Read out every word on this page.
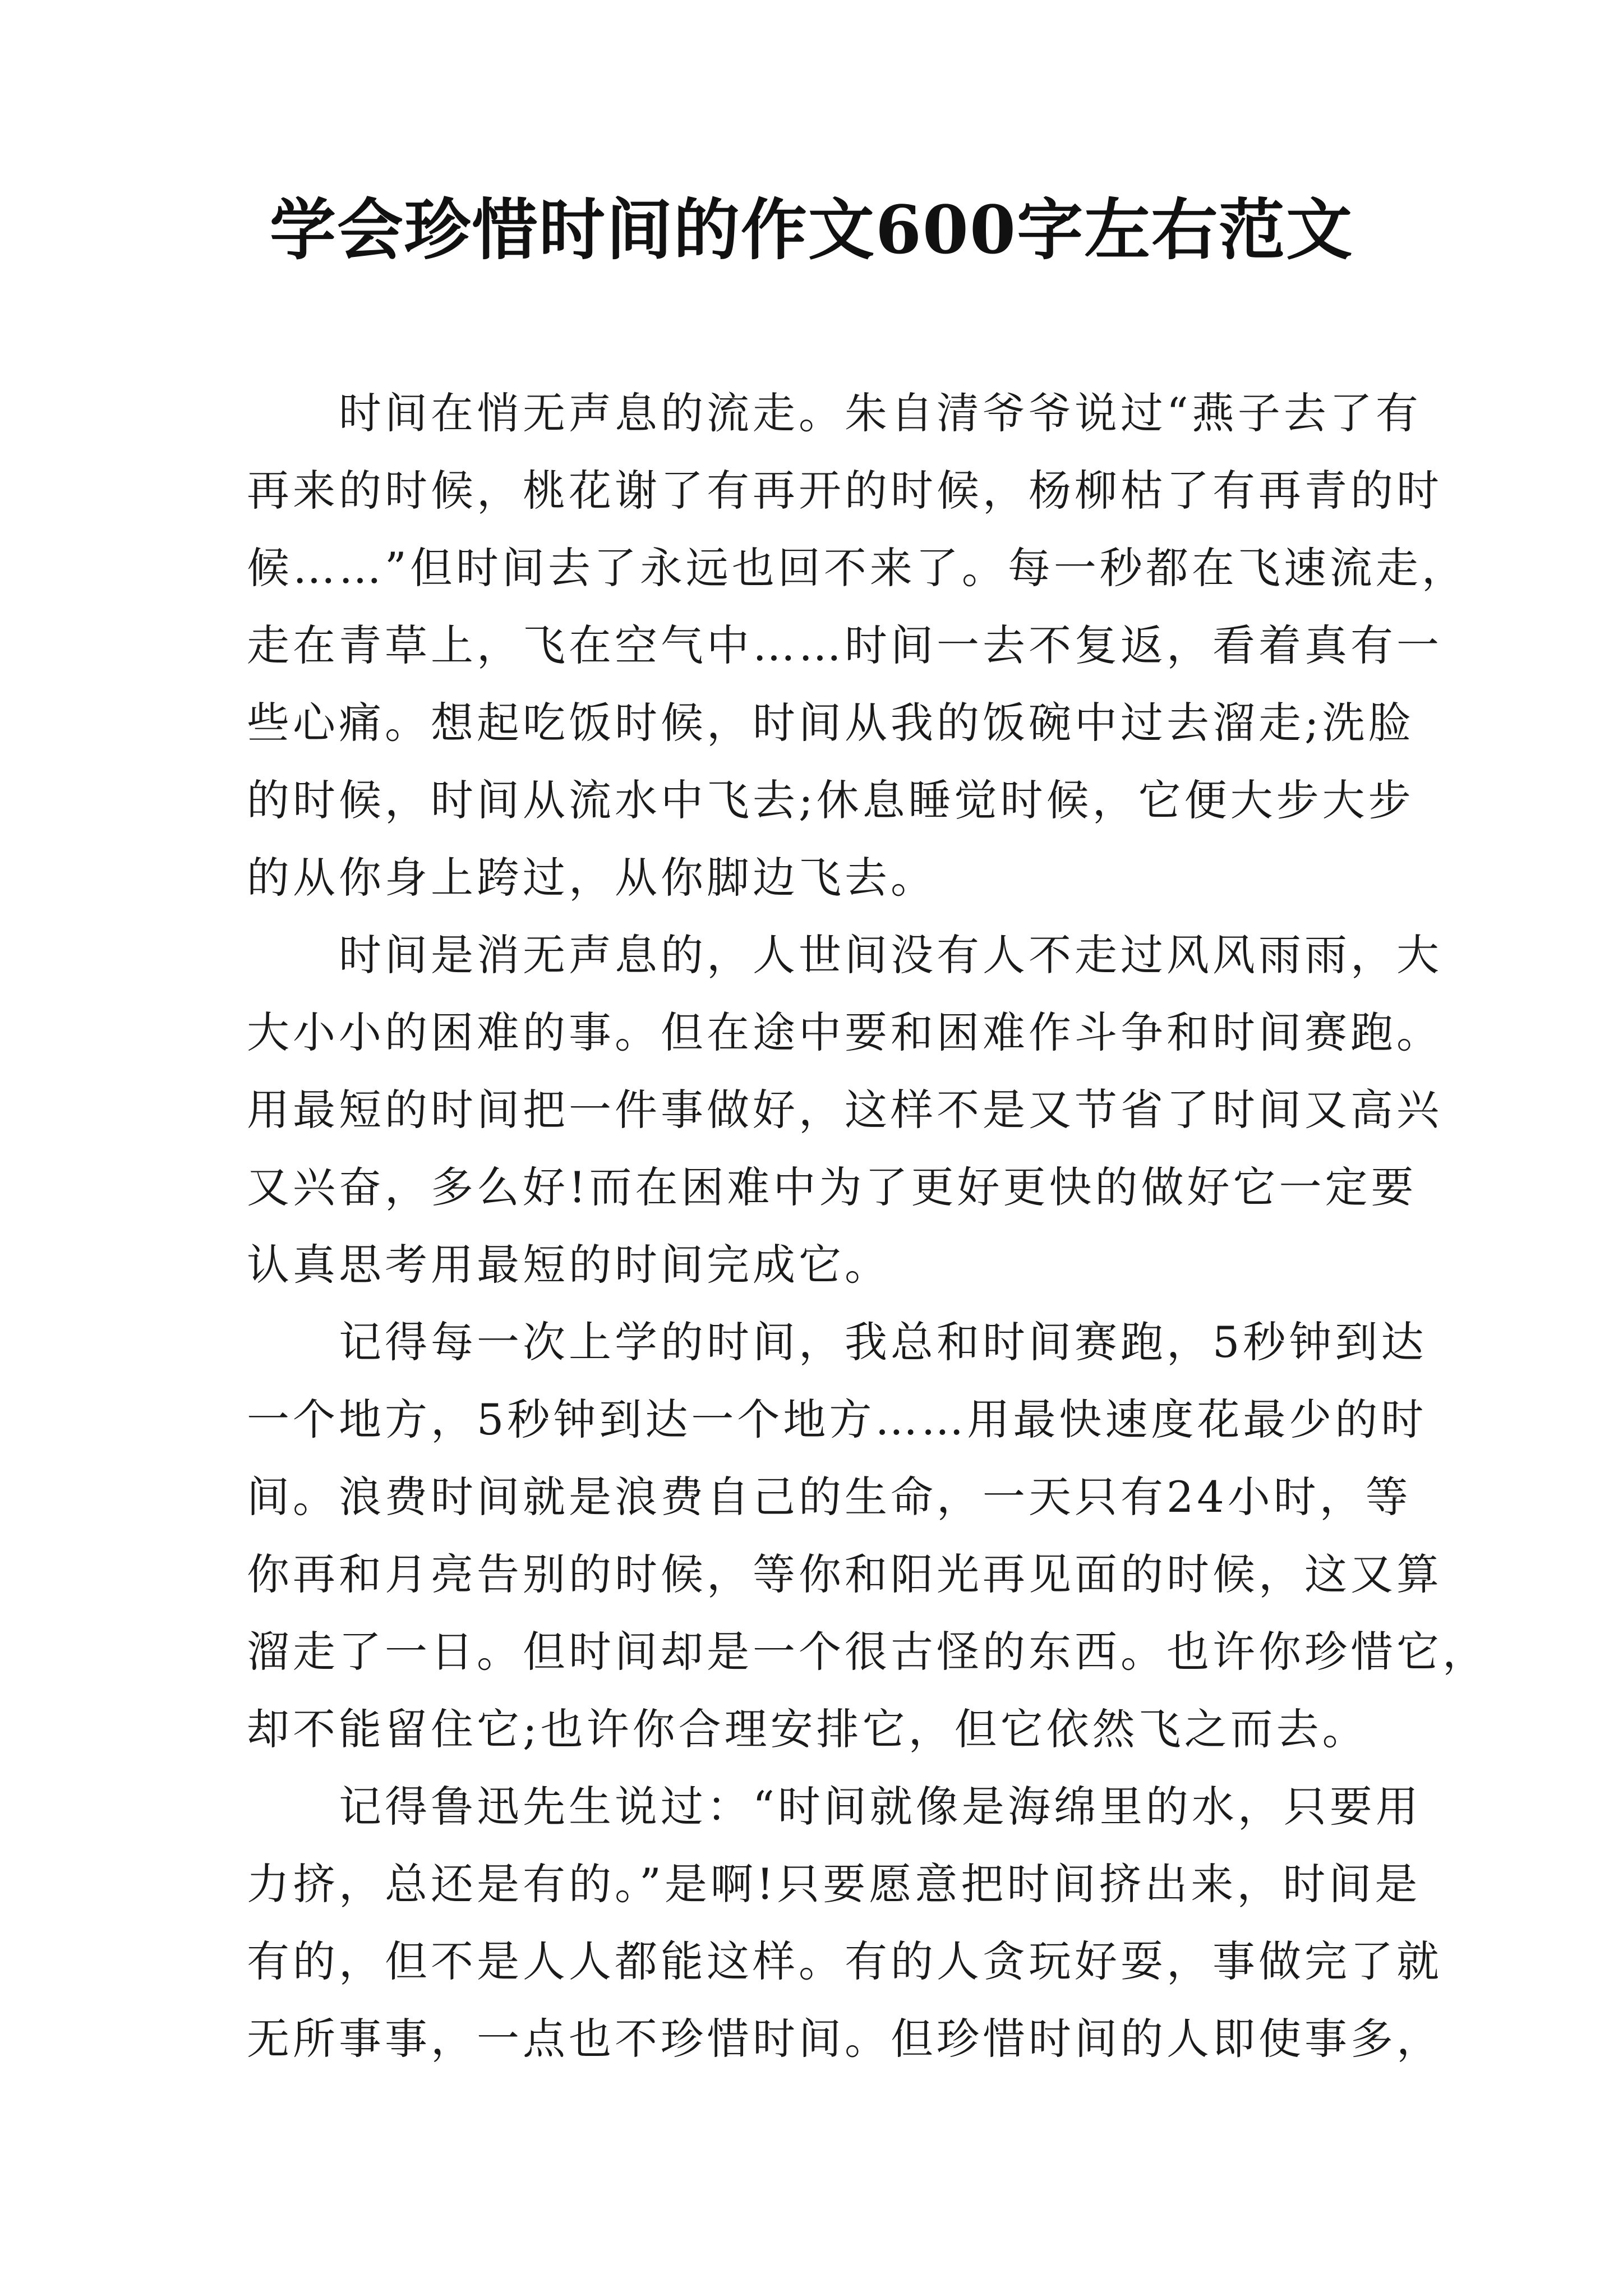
学会珍惜时间的作文600字左右范文

时间在悄无声息的流走。朱自清爷爷说过“燕子去了有
再来的时候，桃花谢了有再开的时候，杨柳枯了有再青的时
候……”但时间去了永远也回不来了。每一秒都在飞速流走，
走在青草上，飞在空气中……时间一去不复返，看着真有一
些心痛。想起吃饭时候，时间从我的饭碗中过去溜走;洗脸
的时候，时间从流水中飞去;休息睡觉时候，它便大步大步
的从你身上跨过，从你脚边飞去。

时间是消无声息的，人世间没有人不走过风风雨雨，大
大小小的困难的事。但在途中要和困难作斗争和时间赛跑。
用最短的时间把一件事做好，这样不是又节省了时间又高兴
又兴奋，多么好!而在困难中为了更好更快的做好它一定要
认真思考用最短的时间完成它。

记得每一次上学的时间，我总和时间赛跑，5秒钟到达
一个地方，5秒钟到达一个地方……用最快速度花最少的时
间。浪费时间就是浪费自己的生命，一天只有24小时，等
你再和月亮告别的时候，等你和阳光再见面的时候，这又算
溜走了一日。但时间却是一个很古怪的东西。也许你珍惜它，
却不能留住它;也许你合理安排它，但它依然飞之而去。

记得鲁迅先生说过：“时间就像是海绵里的水，只要用
力挤，总还是有的。”是啊!只要愿意把时间挤出来，时间是
有的，但不是人人都能这样。有的人贪玩好耍，事做完了就
无所事事，一点也不珍惜时间。但珍惜时间的人即使事多，
